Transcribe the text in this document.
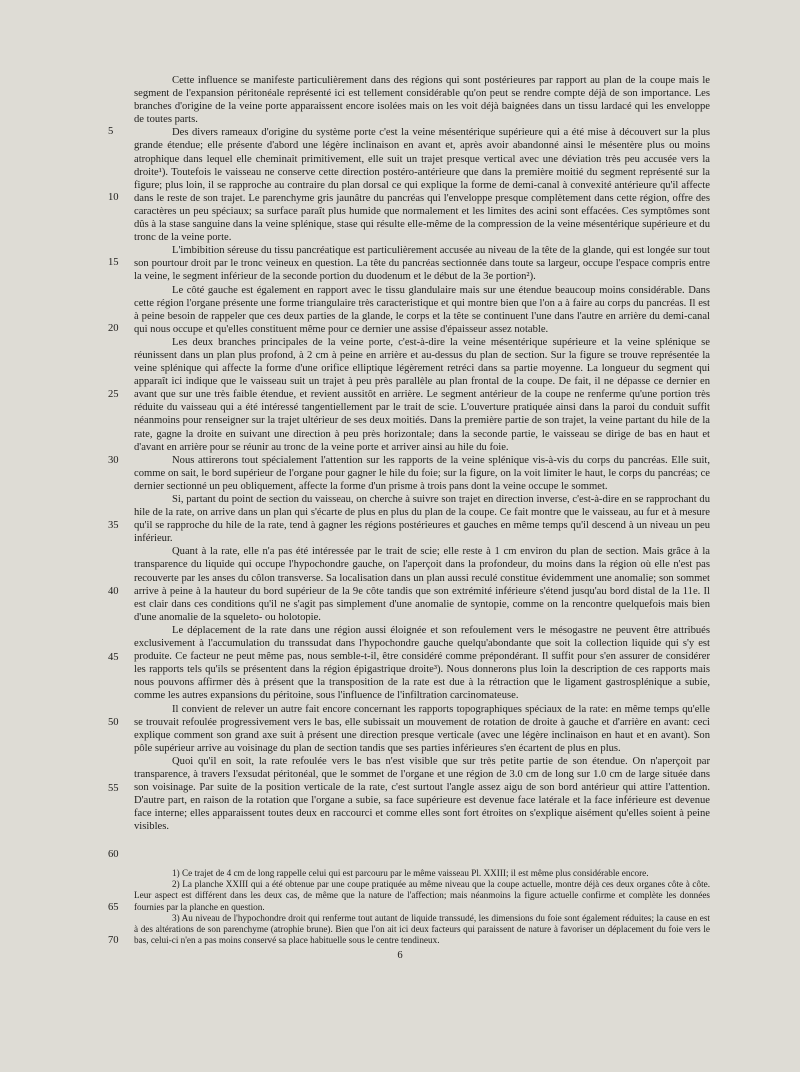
5
10
15
20
25
30
35
40
45
50
55
60
65
70

Cette influence se manifeste particulièrement dans des régions qui sont postérieures par rapport au plan de la coupe mais le segment de l'expansion péritonéale représenté ici est tellement considérable qu'on peut se rendre compte déjà de son importance. Les branches d'origine de la veine porte apparaissent encore isolées mais on les voit déjà baignées dans un tissu lardacé qui les enveloppe de toutes parts.

Des divers rameaux d'origine du système porte c'est la veine mésentérique supérieure qui a été mise à découvert sur la plus grande étendue; elle présente d'abord une légère inclinaison en avant et, après avoir abandonné ainsi le mésentère plus ou moins atrophique dans lequel elle cheminait primitivement, elle suit un trajet presque vertical avec une déviation très peu accusée vers la droite¹). Toutefois le vaisseau ne conserve cette direction postéro-antérieure que dans la première moitié du segment représenté sur la figure; plus loin, il se rapproche au contraire du plan dorsal ce qui explique la forme de demi-canal à convexité antérieure qu'il affecte dans le reste de son trajet. Le parenchyme gris jaunâtre du pancréas qui l'enveloppe presque complètement dans cette région, offre des caractères un peu spéciaux; sa surface paraît plus humide que normalement et les limites des acini sont effacées. Ces symptômes sont dûs à la stase sanguine dans la veine splénique, stase qui résulte elle-même de la compression de la veine mésentérique supérieure et du tronc de la veine porte.

L'imbibition séreuse du tissu pancréatique est particulièrement accusée au niveau de la tête de la glande, qui est longée sur tout son pourtour droit par le tronc veineux en question. La tête du pancréas sectionnée dans toute sa largeur, occupe l'espace compris entre la veine, le segment inférieur de la seconde portion du duodenum et le début de la 3e portion²).

Le côté gauche est également en rapport avec le tissu glandulaire mais sur une étendue beaucoup moins considérable. Dans cette région l'organe présente une forme triangulaire très caracteristique et qui montre bien que l'on a à faire au corps du pancréas. Il est à peine besoin de rappeler que ces deux parties de la glande, le corps et la tête se continuent l'une dans l'autre en arrière du demi-canal qui nous occupe et qu'elles constituent même pour ce dernier une assise d'épaisseur assez notable.

Les deux branches principales de la veine porte, c'est-à-dire la veine mésentérique supérieure et la veine splénique se réunissent dans un plan plus profond, à 2 cm à peine en arrière et au-dessus du plan de section. Sur la figure se trouve représentée la veine splénique qui affecte la forme d'une orifice elliptique légèrement retréci dans sa partie moyenne. La longueur du segment qui apparaît ici indique que le vaisseau suit un trajet à peu près parallèle au plan frontal de la coupe. De fait, il ne dépasse ce dernier en avant que sur une très faible étendue, et revient aussitôt en arrière. Le segment antérieur de la coupe ne renferme qu'une portion très réduite du vaisseau qui a été intéressé tangentiellement par le trait de scie. L'ouverture pratiquée ainsi dans la paroi du conduit suffit néanmoins pour renseigner sur la trajet ultérieur de ses deux moitiés. Dans la première partie de son trajet, la veine partant du hile de la rate, gagne la droite en suivant une direction à peu près horizontale; dans la seconde partie, le vaisseau se dirige de bas en haut et d'avant en arrière pour se réunir au tronc de la veine porte et arriver ainsi au hile du foie.

Nous attirerons tout spécialement l'attention sur les rapports de la veine splénique vis-à-vis du corps du pancréas. Elle suit, comme on sait, le bord supérieur de l'organe pour gagner le hile du foie; sur la figure, on la voit limiter le haut, le corps du pancréas; ce dernier sectionné un peu obliquement, affecte la forme d'un prisme à trois pans dont la veine occupe le sommet.

Si, partant du point de section du vaisseau, on cherche à suivre son trajet en direction inverse, c'est-à-dire en se rapprochant du hile de la rate, on arrive dans un plan qui s'écarte de plus en plus du plan de la coupe. Ce fait montre que le vaisseau, au fur et à mesure qu'il se rapproche du hile de la rate, tend à gagner les régions postérieures et gauches en même temps qu'il descend à un niveau un peu inférieur.

Quant à la rate, elle n'a pas été intéressée par le trait de scie; elle reste à 1 cm environ du plan de section. Mais grâce à la transparence du liquide qui occupe l'hypochondre gauche, on l'aperçoit dans la profondeur, du moins dans la région où elle n'est pas recouverte par les anses du côlon transverse. Sa localisation dans un plan aussi reculé constitue évidemment une anomalie; son sommet arrive à peine à la hauteur du bord supérieur de la 9e côte tandis que son extrémité inférieure s'étend jusqu'au bord distal de la 11e. Il est clair dans ces conditions qu'il ne s'agit pas simplement d'une anomalie de syntopie, comme on la rencontre quelquefois mais bien d'une anomalie de la squeleto- ou holotopie.

Le déplacement de la rate dans une région aussi éloignée et son refoulement vers le mésogastre ne peuvent être attribués exclusivement à l'accumulation du transsudat dans l'hypochondre gauche quelqu'abondante que soit la collection liquide qui s'y est produite. Ce facteur ne peut même pas, nous semble-t-il, être considéré comme prépondérant. Il suffit pour s'en assurer de considérer les rapports tels qu'ils se présentent dans la région épigastrique droite³). Nous donnerons plus loin la description de ces rapports mais nous pouvons affirmer dès à présent que la transposition de la rate est due à la rétraction que le ligament gastrosplénique a subie, comme les autres expansions du péritoine, sous l'influence de l'infiltration carcinomateuse.

Il convient de relever un autre fait encore concernant les rapports topographiques spéciaux de la rate: en même temps qu'elle se trouvait refoulée progressivement vers le bas, elle subissait un mouvement de rotation de droite à gauche et d'arrière en avant: ceci explique comment son grand axe suit à présent une direction presque verticale (avec une légère inclinaison en haut et en avant). Son pôle supérieur arrive au voisinage du plan de section tandis que ses parties inférieures s'en écartent de plus en plus.

Quoi qu'il en soit, la rate refoulée vers le bas n'est visible que sur très petite partie de son étendue. On n'aperçoit par transparence, à travers l'exsudat péritonéal, que le sommet de l'organe et une région de 3.0 cm de long sur 1.0 cm de large située dans son voisinage. Par suite de la position verticale de la rate, c'est surtout l'angle assez aigu de son bord antérieur qui attire l'attention. D'autre part, en raison de la rotation que l'organe a subie, sa face supérieure est devenue face latérale et la face inférieure est devenue face interne; elles apparaissent toutes deux en raccourci et comme elles sont fort étroites on s'explique aisément qu'elles soient à peine visibles.

1) Ce trajet de 4 cm de long rappelle celui qui est parcouru par le même vaisseau Pl. XXIII; il est même plus considérable encore.

2) La planche XXIII qui a été obtenue par une coupe pratiquée au même niveau que la coupe actuelle, montre déjà ces deux organes côte à côte. Leur aspect est différent dans les deux cas, de même que la nature de l'affection; mais néanmoins la figure actuelle confirme et complète les données fournies par la planche en question.

3) Au niveau de l'hypochondre droit qui renferme tout autant de liquide transsudé, les dimensions du foie sont également réduites; la cause en est à des altérations de son parenchyme (atrophie brune). Bien que l'on ait ici deux facteurs qui paraissent de nature à favoriser un déplacement du foie vers le bas, celui-ci n'en a pas moins conservé sa place habituelle sous le centre tendineux.

6
